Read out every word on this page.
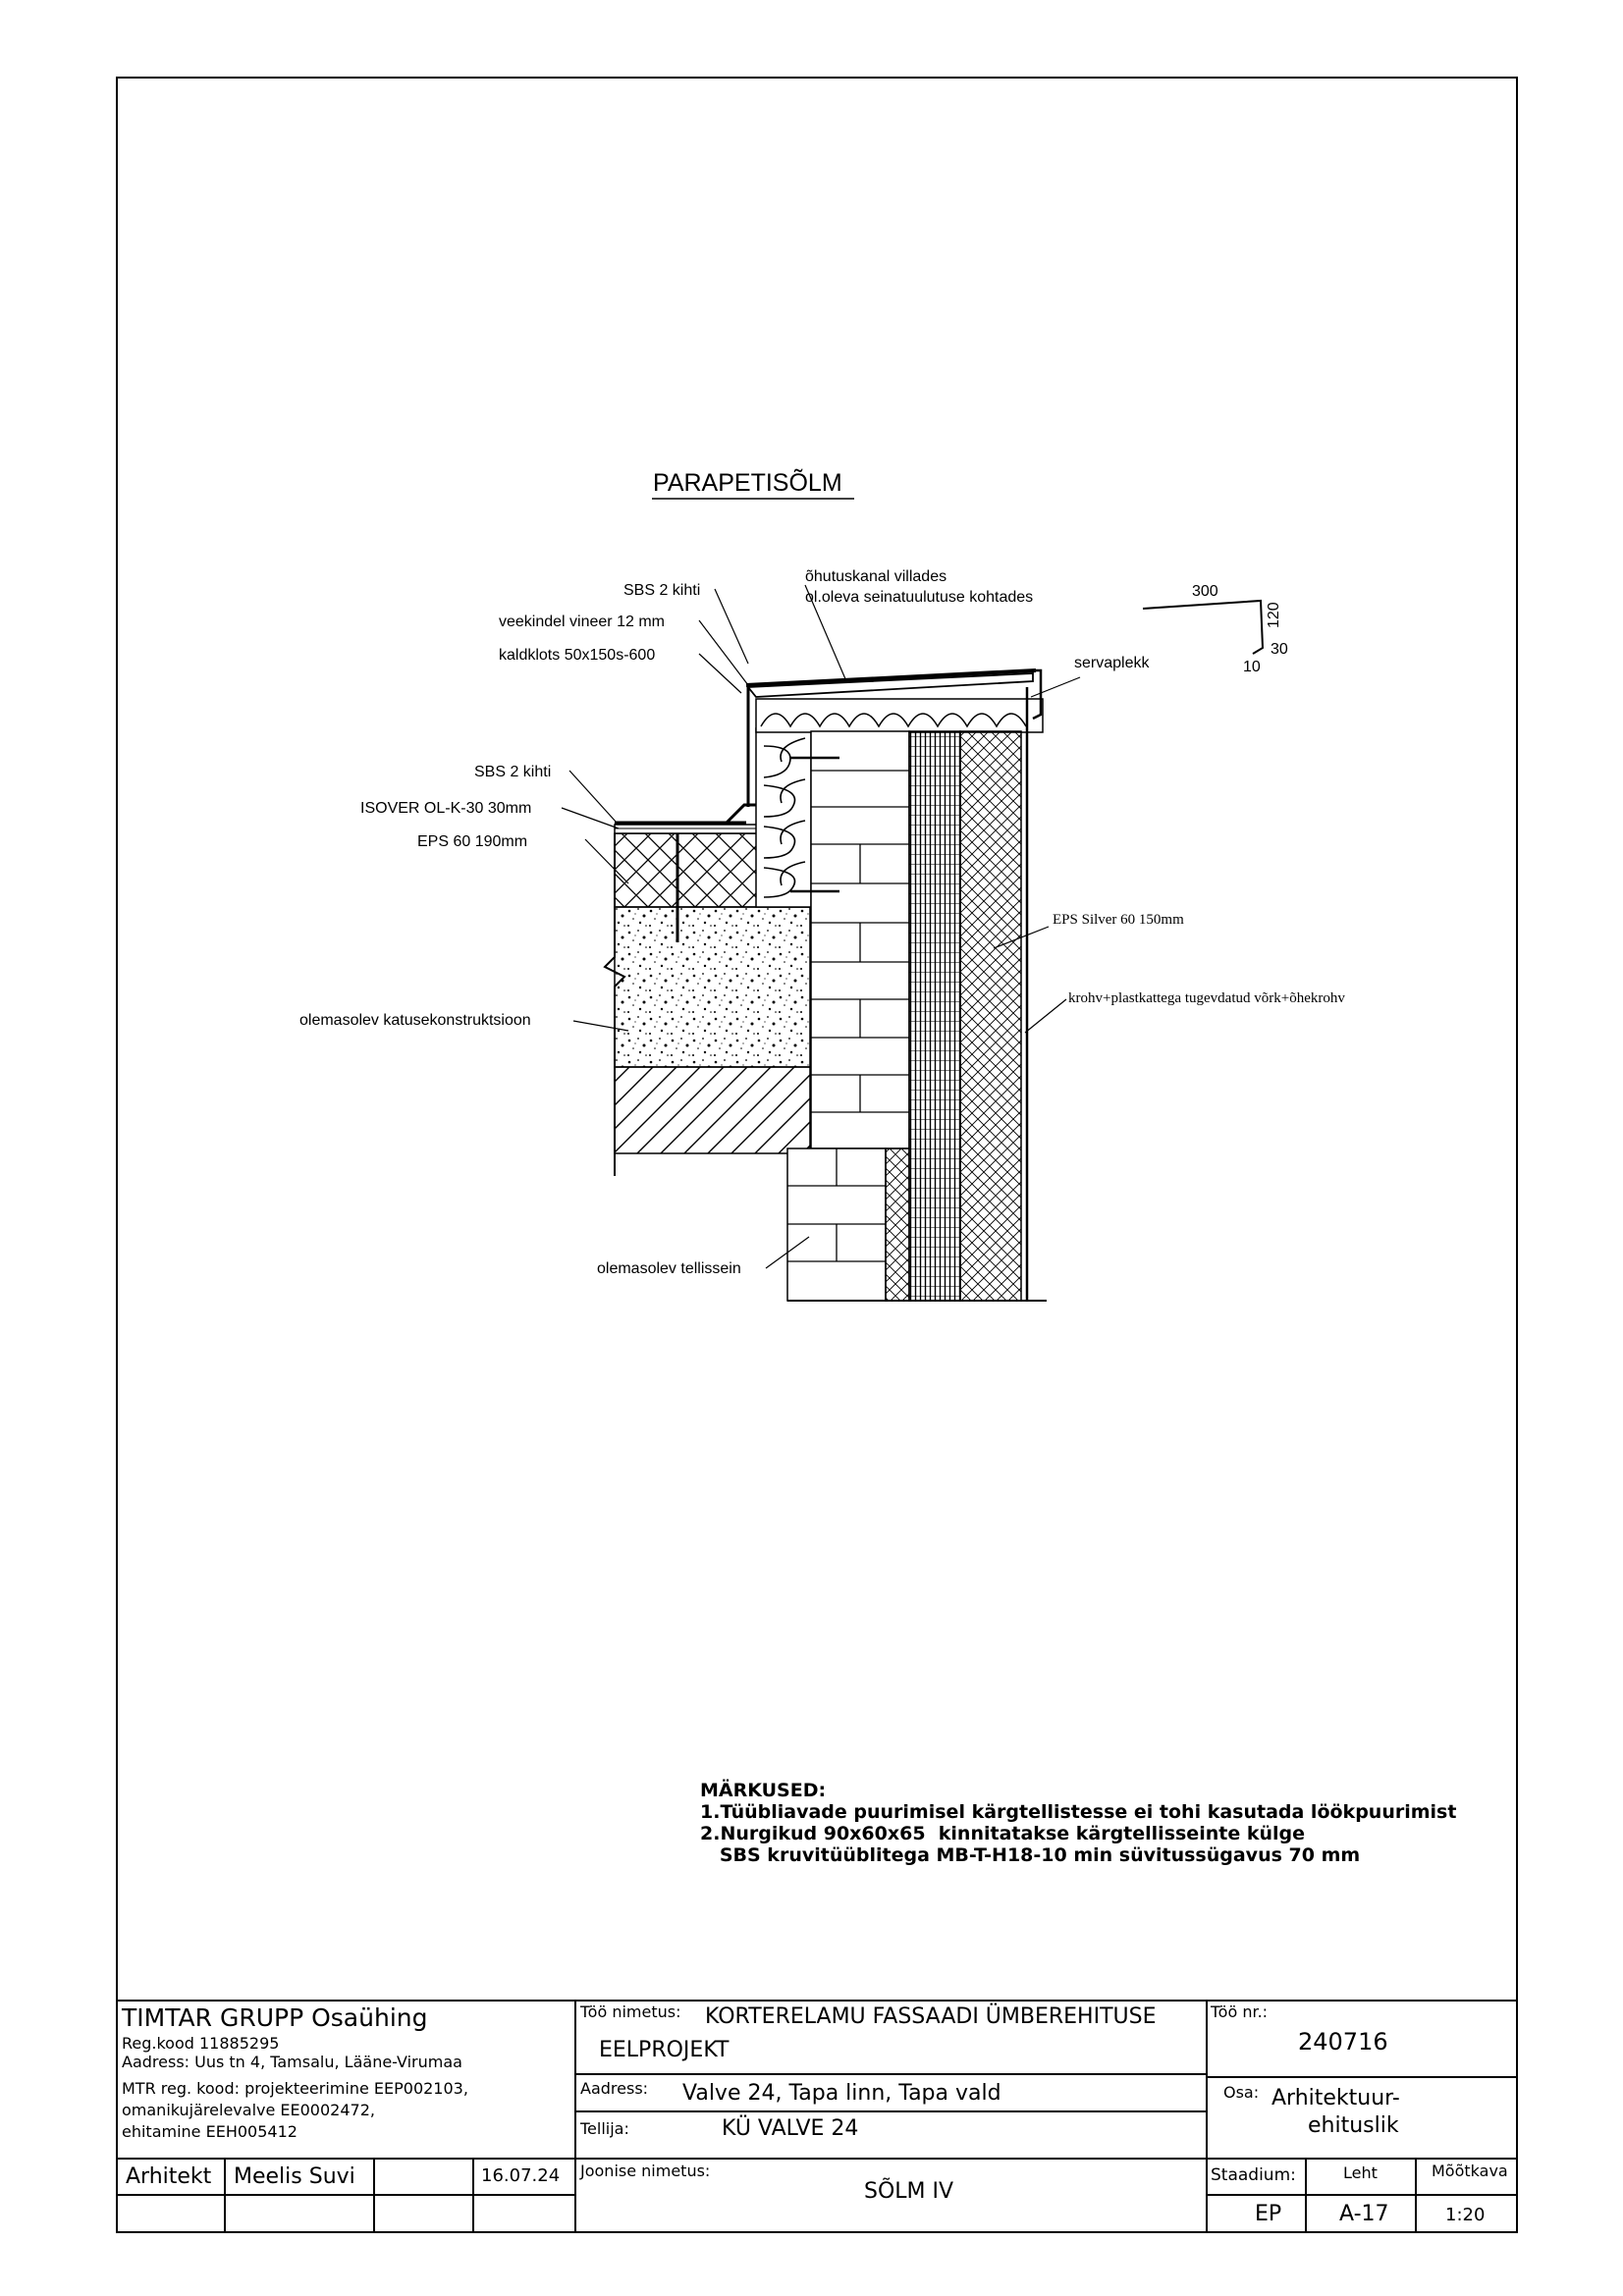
PARAPETISÕLM
SBS 2 kihti
veekindel vineer 12 mm
kaldklots 50x150s-600
õhutuskanal villades
ol.oleva seinatuulutuse kohtades
servaplekk
SBS 2 kihti
ISOVER OL-K-30 30mm
EPS 60 190mm
EPS Silver 60 150mm
krohv+plastkattega tugevdatud võrk+õhekrohv
olemasolev katusekonstruktsioon
olemasolev tellissein
300
120
30
10
MÄRKUSED:
1.Tüübliavade puurimisel kärgtellistesse ei tohi kasutada löökpuurimist
2.Nurgikud 90x60x65  kinnitatakse kärgtellisseinte külge
SBS kruvitüüblitega MB-T-H18-10 min süvitussügavus 70 mm
TIMTAR GRUPP Osaühing
Reg.kood 11885295
Aadress: Uus tn 4, Tamsalu, Lääne-Virumaa
MTR reg. kood: projekteerimine EEP002103,
omanikujärelevalve EE0002472,
ehitamine EEH005412
Töö nimetus: KORTERELAMU FASSAADI ÜMBEREHITUSE
EELPROJEKT
Aadress: Valve 24, Tapa linn, Tapa vald
Tellija:	KÜ VALVE 24
Töö nr.:
240716
Osa: Arhitektuur-
ehituslik
Arhitekt Meelis Suvi	16.07.24 Joonise nimetus:
SÕLM IV
Staadium:
EP
Leht
A-17
Mõõtkava
1:20
